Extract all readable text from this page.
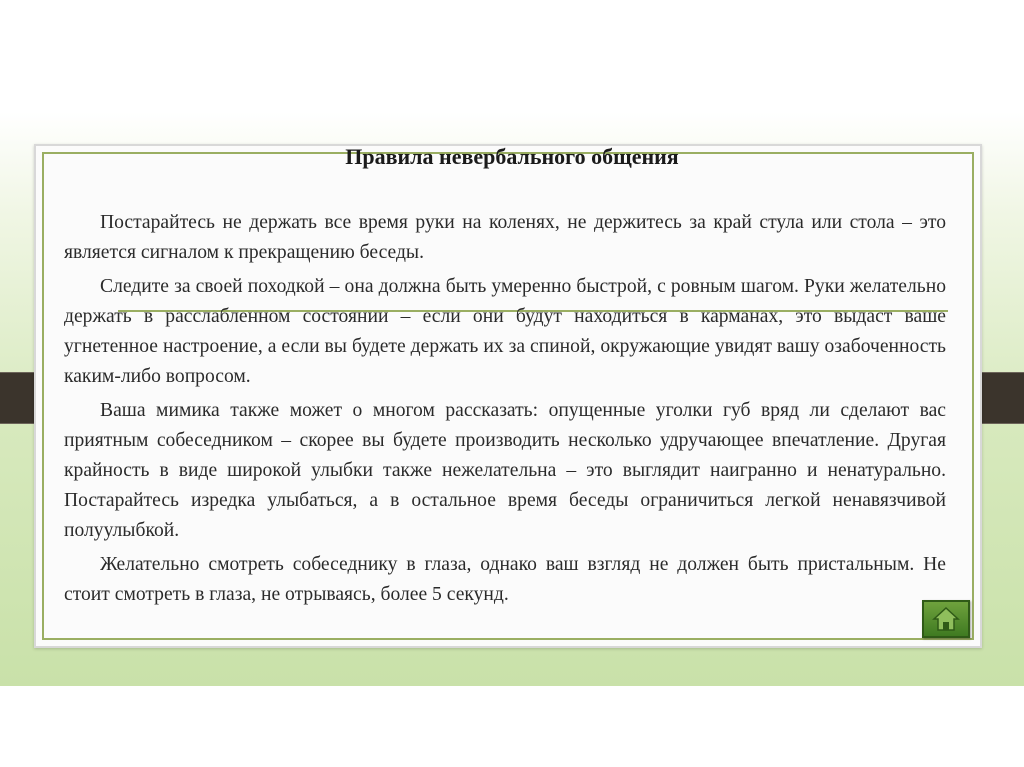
Правила невербального общения

Постарайтесь не держать все время руки на коленях, не держитесь за край стула или стола – это является сигналом к прекращению беседы.

Следите за своей походкой – она должна быть умеренно быстрой, с ровным шагом. Руки желательно держать в расслабленном состоянии – если они будут находиться в карманах, это выдаст ваше угнетенное настроение, а если вы будете держать их за спиной, окружающие увидят вашу озабоченность каким-либо вопросом.

Ваша мимика также может о многом рассказать: опущенные уголки губ вряд ли сделают вас приятным собеседником – скорее вы будете производить несколько удручающее впечатление. Другая крайность в виде широкой улыбки также нежелательна – это выглядит наигранно и ненатурально. Постарайтесь изредка улыбаться, а в остальное время беседы ограничиться легкой ненавязчивой полуулыбкой.

Желательно смотреть собеседнику в глаза, однако ваш взгляд не должен быть пристальным. Не стоит смотреть в глаза, не отрываясь, более 5 секунд.
